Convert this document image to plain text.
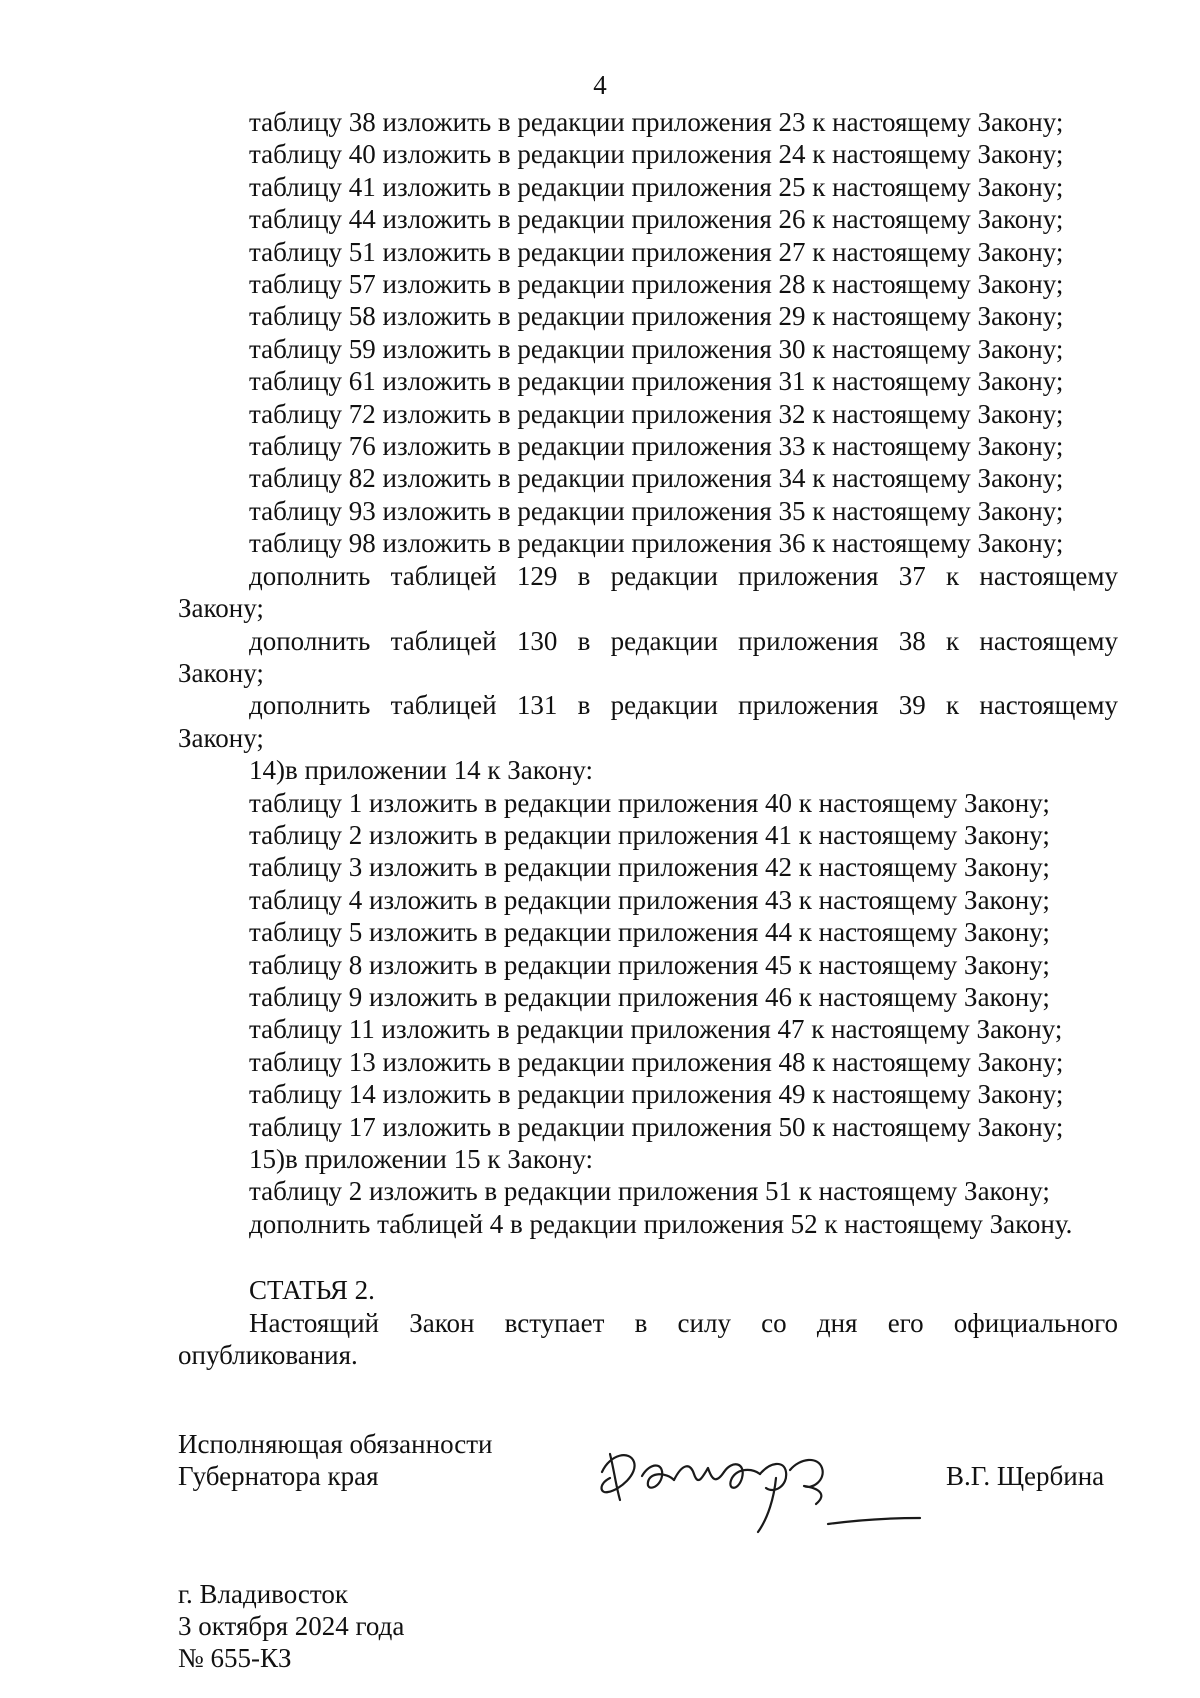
4
таблицу 38 изложить в редакции приложения 23 к настоящему Закону;
таблицу 40 изложить в редакции приложения 24 к настоящему Закону;
таблицу 41 изложить в редакции приложения 25 к настоящему Закону;
таблицу 44 изложить в редакции приложения 26 к настоящему Закону;
таблицу 51 изложить в редакции приложения 27 к настоящему Закону;
таблицу 57 изложить в редакции приложения 28 к настоящему Закону;
таблицу 58 изложить в редакции приложения 29 к настоящему Закону;
таблицу 59 изложить в редакции приложения 30 к настоящему Закону;
таблицу 61 изложить в редакции приложения 31 к настоящему Закону;
таблицу 72 изложить в редакции приложения 32 к настоящему Закону;
таблицу 76 изложить в редакции приложения 33 к настоящему Закону;
таблицу 82 изложить в редакции приложения 34 к настоящему Закону;
таблицу 93 изложить в редакции приложения 35 к настоящему Закону;
таблицу 98 изложить в редакции приложения 36 к настоящему Закону;
дополнить таблицей 129 в редакции приложения 37 к настоящему
Закону;
дополнить таблицей 130 в редакции приложения 38 к настоящему
Закону;
дополнить таблицей 131 в редакции приложения 39 к настоящему
Закону;
14)в приложении 14 к Закону:
таблицу 1 изложить в редакции приложения 40 к настоящему Закону;
таблицу 2 изложить в редакции приложения 41 к настоящему Закону;
таблицу 3 изложить в редакции приложения 42 к настоящему Закону;
таблицу 4 изложить в редакции приложения 43 к настоящему Закону;
таблицу 5 изложить в редакции приложения 44 к настоящему Закону;
таблицу 8 изложить в редакции приложения 45 к настоящему Закону;
таблицу 9 изложить в редакции приложения 46 к настоящему Закону;
таблицу 11 изложить в редакции приложения 47 к настоящему Закону;
таблицу 13 изложить в редакции приложения 48 к настоящему Закону;
таблицу 14 изложить в редакции приложения 49 к настоящему Закону;
таблицу 17 изложить в редакции приложения 50 к настоящему Закону;
15)в приложении 15 к Закону:
таблицу 2 изложить в редакции приложения 51 к настоящему Закону;
дополнить таблицей 4 в редакции приложения 52 к настоящему Закону.
СТАТЬЯ 2.
Настоящий Закон вступает в силу со дня его официального
опубликования.
Исполняющая обязанности
Губернатора края	В.Г. Щербина
г. Владивосток
3 октября 2024 года
№ 655-КЗ
